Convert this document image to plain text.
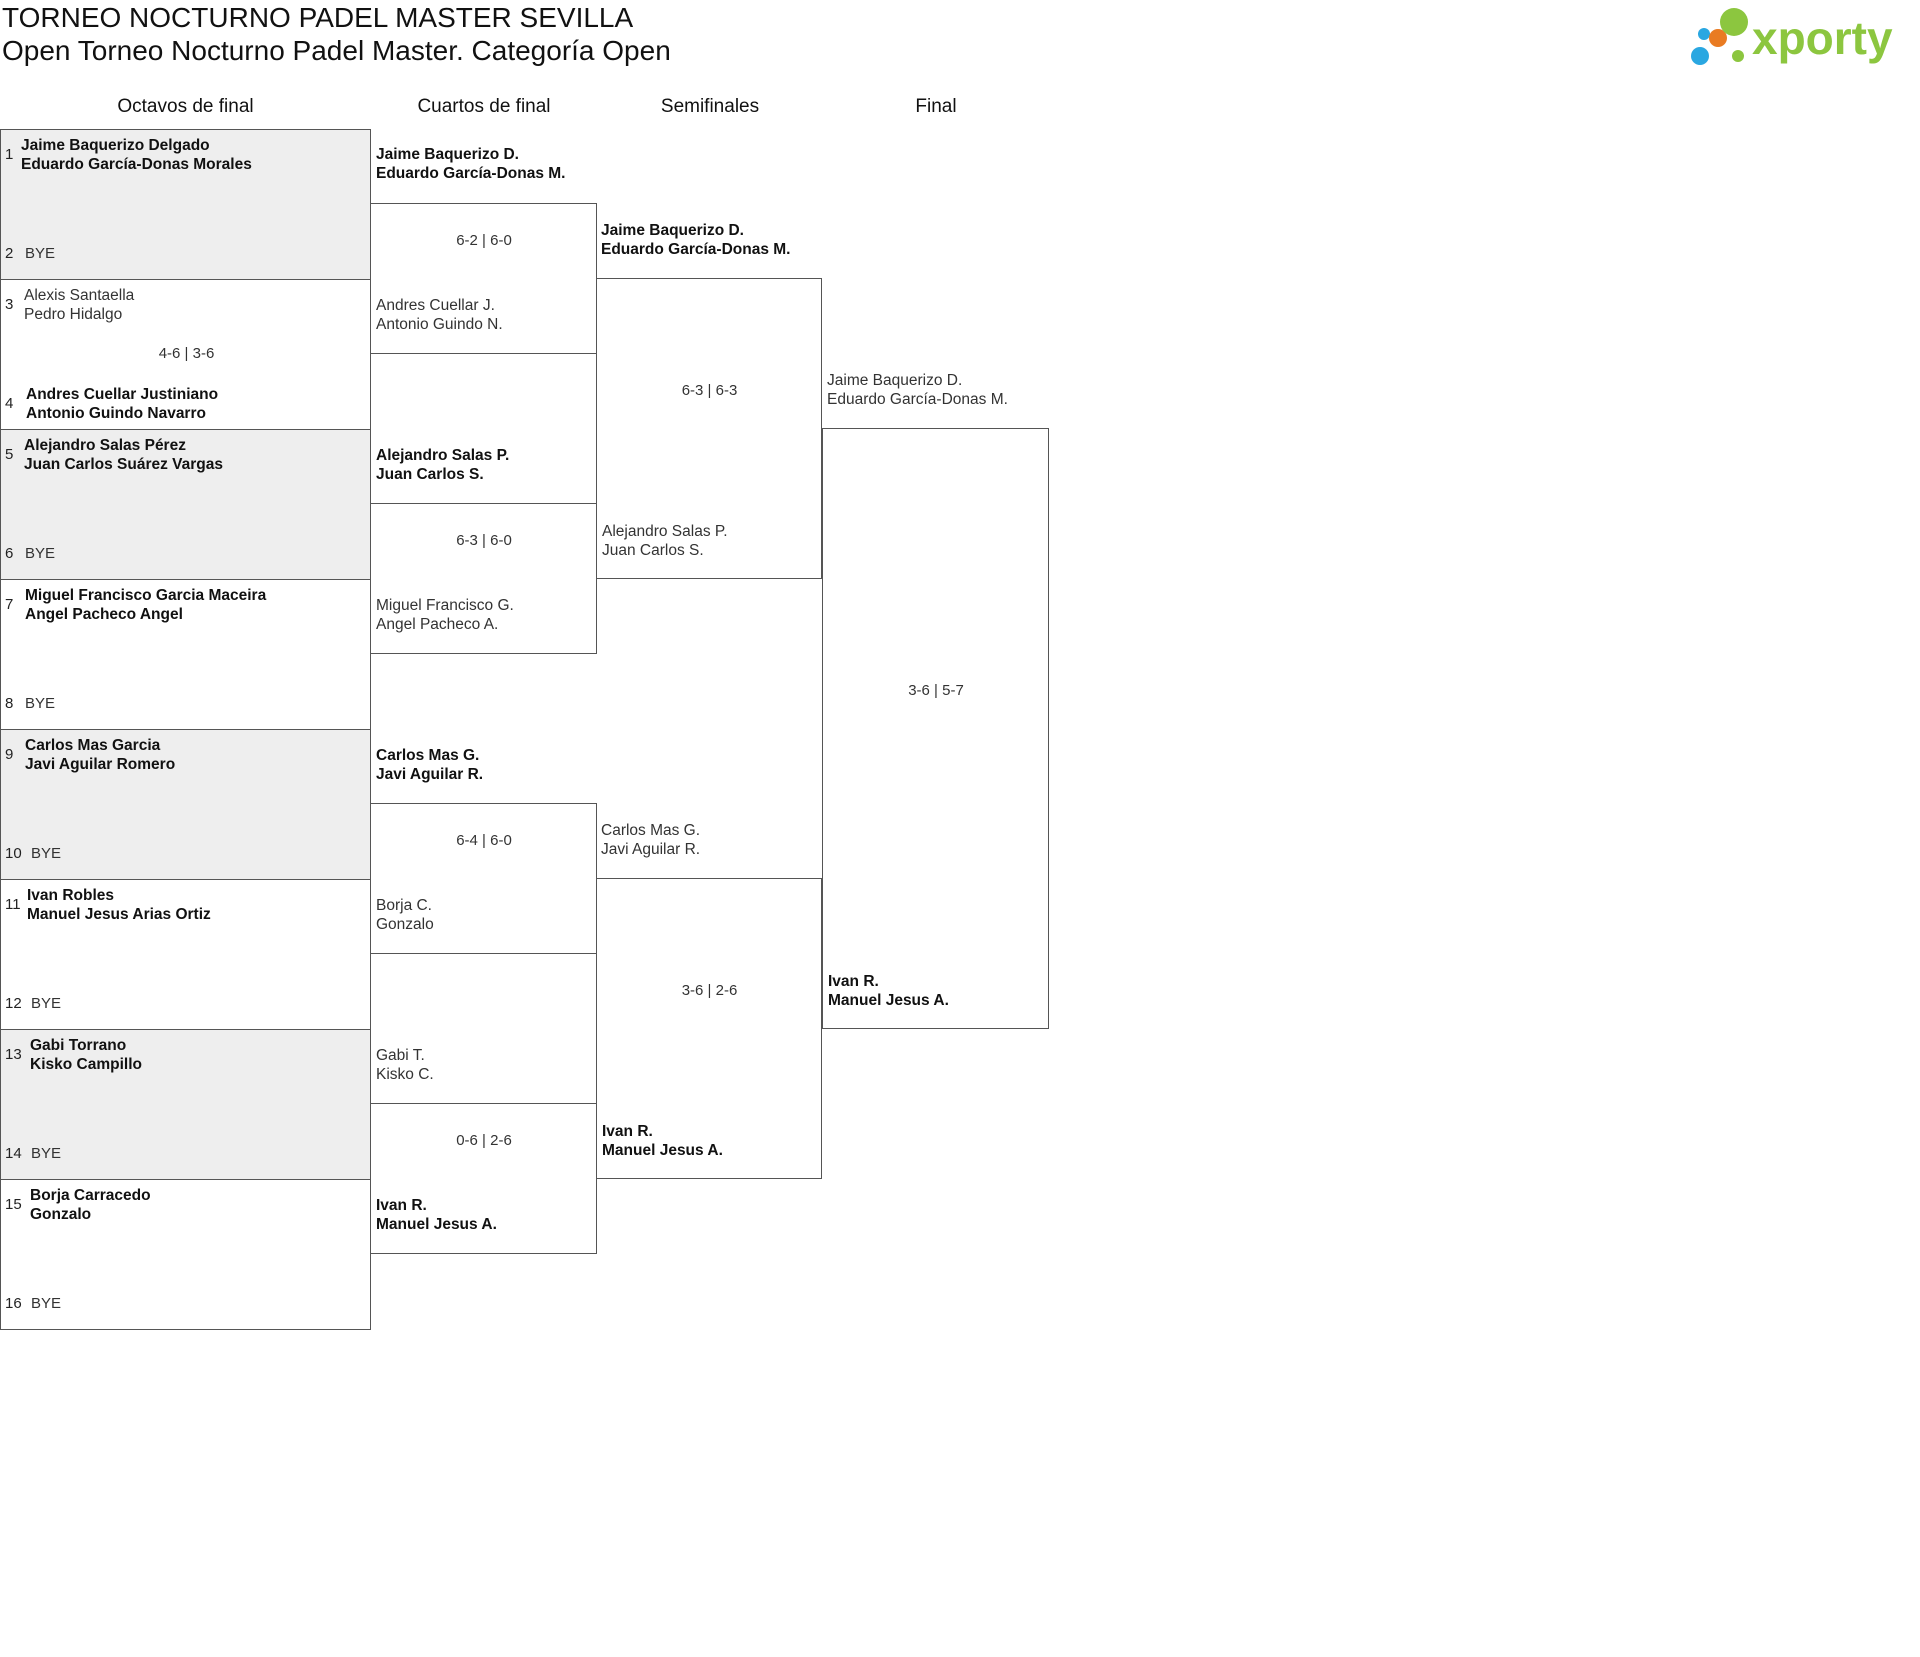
TORNEO NOCTURNO PADEL MASTER SEVILLA
Open Torneo Nocturno Padel Master. Categoría Open	xporty
Octavos de final	Cuartos de final	Semifinales	Final
1
Jaime Baquerizo Delgado
Eduardo García-Donas Morales
2 BYE
3
Alexis Santaella
Pedro Hidalgo
4-6 | 3-6
4
Andres Cuellar Justiniano
Antonio Guindo Navarro
5
Alejandro Salas Pérez
Juan Carlos Suárez Vargas
6 BYE
7
Miguel Francisco Garcia Maceira
Angel Pacheco Angel
8 BYE
9
Carlos Mas Garcia
Javi Aguilar Romero
10 BYE
11
Ivan Robles
Manuel Jesus Arias Ortiz
12 BYE
13
Gabi Torrano
Kisko Campillo
14 BYE
15
Borja Carracedo
Gonzalo
16 BYE
Jaime Baquerizo D.
Eduardo García-Donas M.
6-2 | 6-0
Andres Cuellar J.
Antonio Guindo N.
Alejandro Salas P.
Juan Carlos S.
6-3 | 6-0
Miguel Francisco G.
Angel Pacheco A.
Carlos Mas G.
Javi Aguilar R.
6-4 | 6-0
Borja C.
Gonzalo
Gabi T.
Kisko C.
0-6 | 2-6
Ivan R.
Manuel Jesus A.
Jaime Baquerizo D.
Eduardo García-Donas M.
6-3 | 6-3
Alejandro Salas P.
Juan Carlos S.
Carlos Mas G.
Javi Aguilar R.
3-6 | 2-6
Ivan R.
Manuel Jesus A.
Jaime Baquerizo D.
Eduardo García-Donas M.
3-6 | 5-7
Ivan R.
Manuel Jesus A.
